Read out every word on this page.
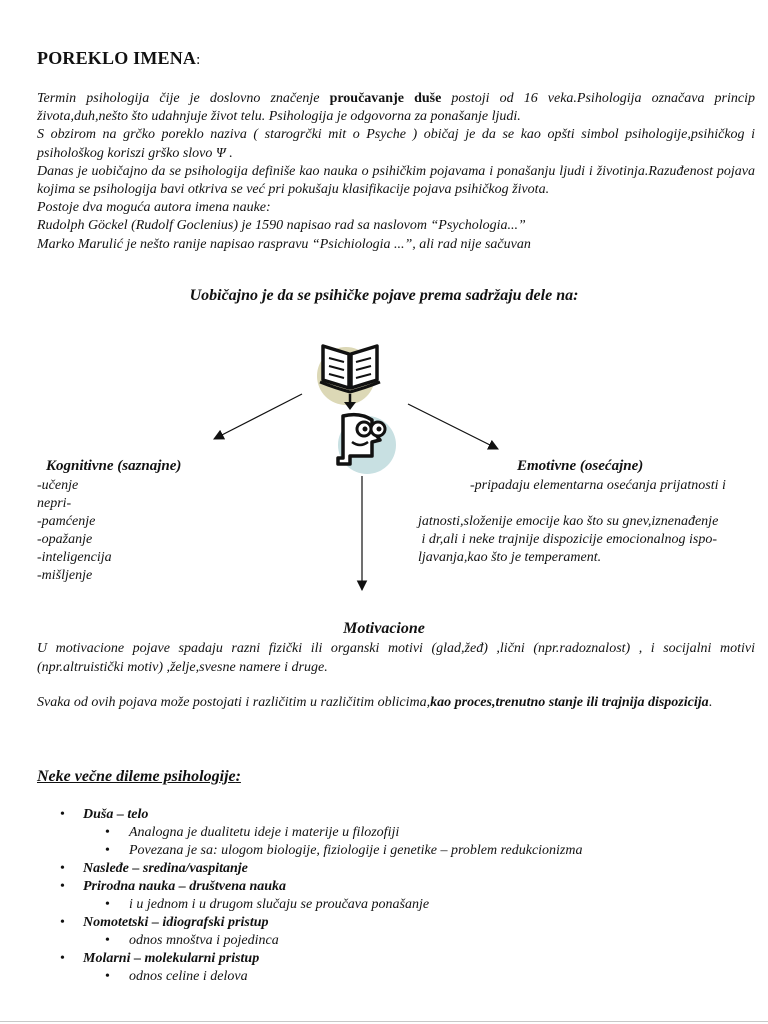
POREKLO IMENA:

Termin psihologija čije je doslovno značenje proučavanje duše postoji od 16 veka.Psihologija označava princip života,duh,nešto što udahnjuje život telu. Psihologija je odgovorna za ponašanje ljudi.

S obzirom na grčko poreklo naziva ( starogrčki mit o Psyche ) običaj je da se kao opšti simbol psihologije,psihičkog i psihološkog koriszi grško slovo Ψ .

Danas je uobičajno da se psihologija definiše kao nauka o psihičkim pojavama i ponašanju ljudi i životinja.Razuđenost pojava kojima se psihologija bavi otkriva se već pri pokušaju klasifikacije pojava psihičkog života.

Postoje dva moguća autora imena nauke:

Rudolph Göckel (Rudolf Goclenius) je 1590 napisao rad sa naslovom “Psychologia...”

Marko Marulić je nešto ranije napisao raspravu “Psichiologia ...”, ali rad nije sačuvan

Uobičajno je da se psihičke pojave prema sadržaju dele na:
Kognitivne (saznajne)
-učenje
nepri-
-pamćenje
-opažanje
-inteligencija
-mišljenje
Emotivne (osećajne)
-pripadaju elementarna osećanja prijatnosti i
jatnosti,složenije emocije kao što su gnev,iznenađenje
i dr,ali i neke trajnije dispozicije emocionalnog ispo-
ljavanja,kao što je temperament.
Motivacione

U motivacione pojave spadaju razni fizički ili organski motivi (glad,žeđ) ,lični (npr.radoznalost) , i socijalni motivi (npr.altruistički motiv) ,želje,svesne namere i druge.

Svaka od ovih pojava može postojati i različitim u različitim oblicima,kao proces,trenutno stanje ili trajnija dispozicija.
Neke večne dileme psihologije:
• Duša – telo
• Analogna je dualitetu ideje i materije u filozofiji
• Povezana je sa: ulogom biologije, fiziologije i genetike – problem redukcionizma
• Nasleđe – sredina/vaspitanje
• Prirodna nauka – društvena nauka
• i u jednom i u drugom slučaju se proučava ponašanje
• Nomotetski – idiografski pristup
• odnos mnoštva i pojedinca
• Molarni – molekularni pristup
• odnos celine i delova
